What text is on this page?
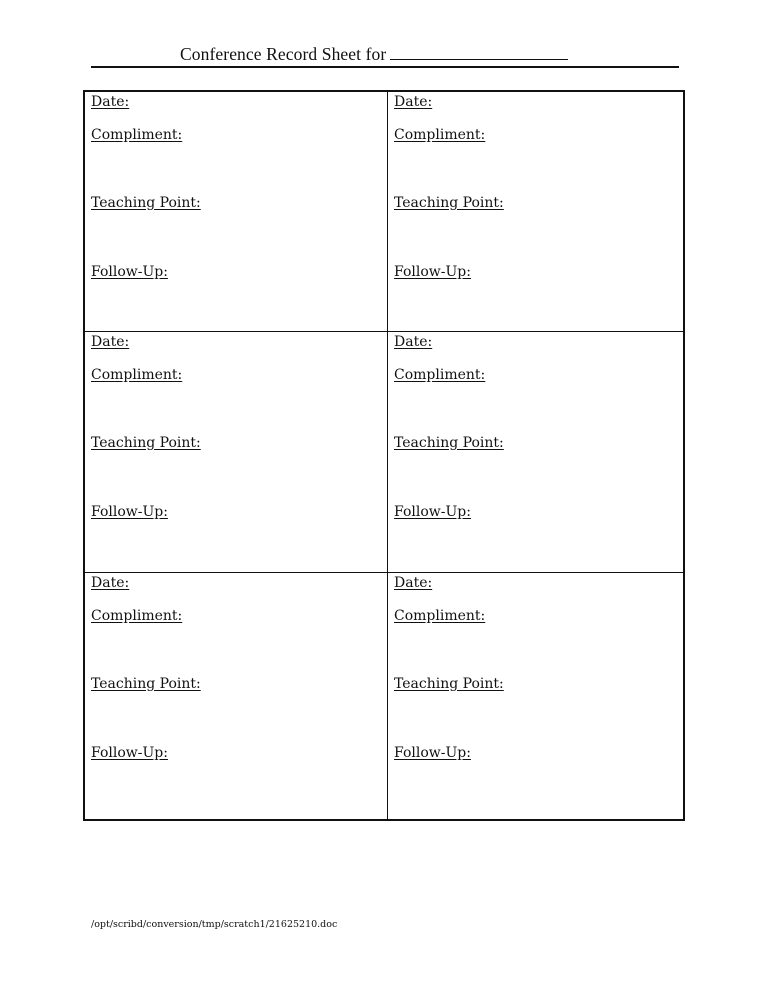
Conference Record Sheet for
Date:
Compliment:
Teaching Point:
Follow-Up:
Date:
Compliment:
Teaching Point:
Follow-Up:
Date:
Compliment:
Teaching Point:
Follow-Up:
Date:
Compliment:
Teaching Point:
Follow-Up:
Date:
Compliment:
Teaching Point:
Follow-Up:
Date:
Compliment:
Teaching Point:
Follow-Up:
/opt/scribd/conversion/tmp/scratch1/21625210.doc
